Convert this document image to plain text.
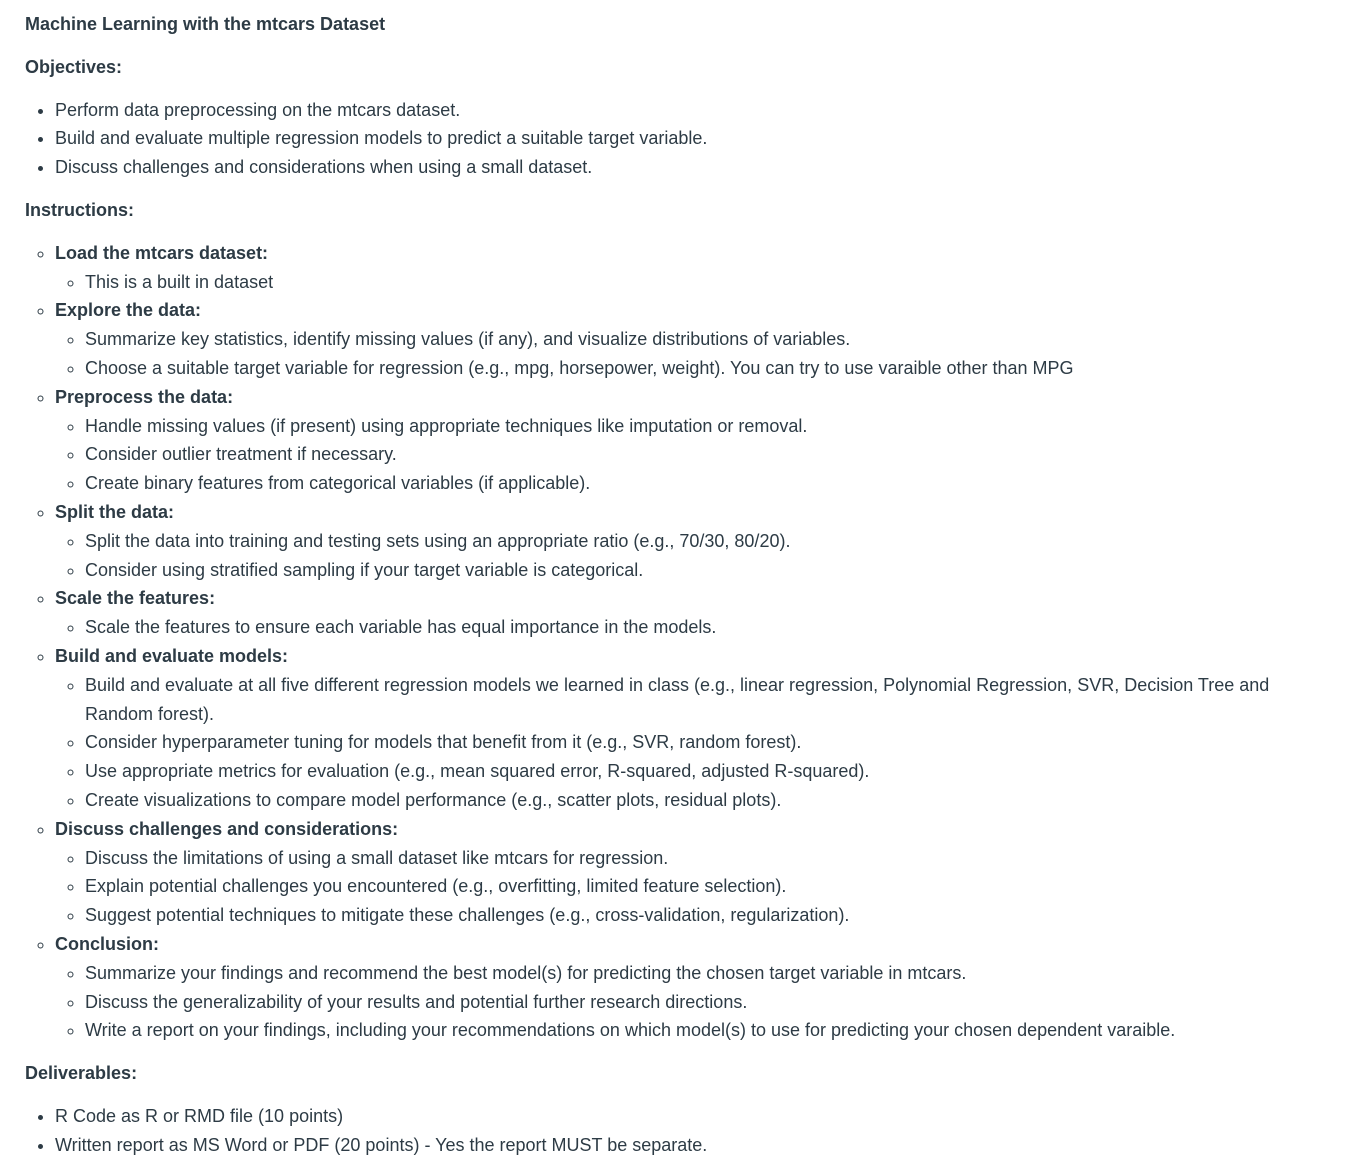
Machine Learning with the mtcars Dataset

Objectives:

• Perform data preprocessing on the mtcars dataset.
• Build and evaluate multiple regression models to predict a suitable target variable.
• Discuss challenges and considerations when using a small dataset.

Instructions:

◦ Load the mtcars dataset:
◦ This is a built in dataset
◦ Explore the data:
◦ Summarize key statistics, identify missing values (if any), and visualize distributions of variables.
◦ Choose a suitable target variable for regression (e.g., mpg, horsepower, weight). You can try to use varaible other than MPG
◦ Preprocess the data:
◦ Handle missing values (if present) using appropriate techniques like imputation or removal.
◦ Consider outlier treatment if necessary.
◦ Create binary features from categorical variables (if applicable).
◦ Split the data:
◦ Split the data into training and testing sets using an appropriate ratio (e.g., 70/30, 80/20).
◦ Consider using stratified sampling if your target variable is categorical.
◦ Scale the features:
◦ Scale the features to ensure each variable has equal importance in the models.
◦ Build and evaluate models:
◦ Build and evaluate at all five different regression models we learned in class (e.g., linear regression, Polynomial Regression, SVR, Decision Tree and Random forest).
◦ Consider hyperparameter tuning for models that benefit from it (e.g., SVR, random forest).
◦ Use appropriate metrics for evaluation (e.g., mean squared error, R-squared, adjusted R-squared).
◦ Create visualizations to compare model performance (e.g., scatter plots, residual plots).
◦ Discuss challenges and considerations:
◦ Discuss the limitations of using a small dataset like mtcars for regression.
◦ Explain potential challenges you encountered (e.g., overfitting, limited feature selection).
◦ Suggest potential techniques to mitigate these challenges (e.g., cross-validation, regularization).
◦ Conclusion:
◦ Summarize your findings and recommend the best model(s) for predicting the chosen target variable in mtcars.
◦ Discuss the generalizability of your results and potential further research directions.
◦ Write a report on your findings, including your recommendations on which model(s) to use for predicting your chosen dependent varaible.

Deliverables:

• R Code as R or RMD file (10 points)
• Written report as MS Word or PDF (20 points) - Yes the report MUST be separate.
